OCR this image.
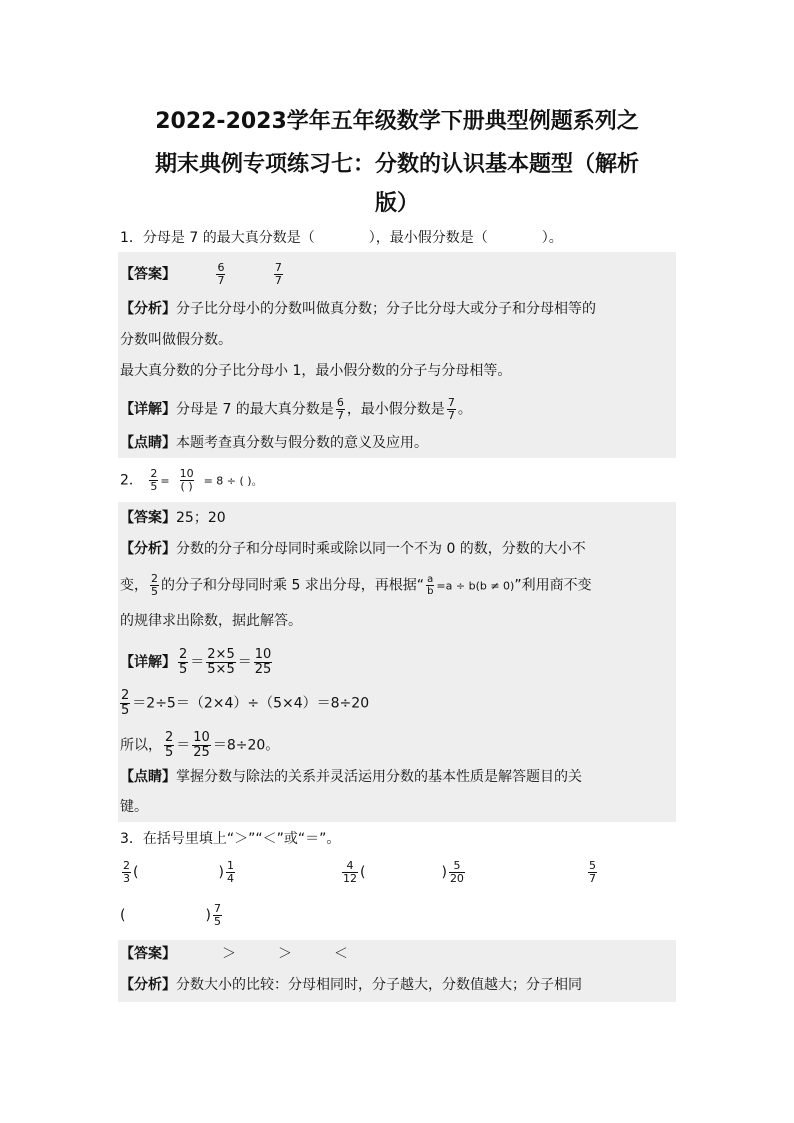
2022-2023学年五年级数学下册典型例题系列之
期末典例专项练习七：分数的认识基本题型（解析
版）
1．分母是 7 的最大真分数是（	），最小假分数是（	）。
【答案】	$\frac{6}{7}$
	$\frac{7}{7}$
【分析】分子比分母小的分数叫做真分数；分子比分母大或分子和分母相等的
分数叫做假分数。
最大真分数的分子比分母小 1，最小假分数的分子与分母相等。
【详解】分母是 7 的最大真分数是 $\frac{6}{7}$ ，最小假分数是 $\frac{7}{7}$ 。
【点睛】本题考查真分数与假分数的意义及应用。
2． $\frac{2}{5} = \frac{10}{( )} = 8$ ÷ ( )。
【答案】25；20
【分析】分数的分子和分母同时乘或除以同一个不为 0 的数，分数的大小不
变， $\frac{2}{5}$ 的分子和分母同时乘 5 求出分母，再根据“ $\frac{a}{b} =a \div b(b \ne 0)$”利用商不变
的规律求出除数，据此解答。
【详解】 $\frac{2}{5} = \frac{2\times 5}{5\times 5} = \frac{10}{25}$
$\frac{2}{5} =2\div 5=(2\times 4)\div(5\times 4)=8\div 20$
所以， $\frac{2}{5} = \frac{10}{25} =8\div 20$。
【点睛】掌握分数与除法的关系并灵活运用分数的基本性质是解答题目的关
键。
3．在括号里填上“＞”“＜”或“＝”。
$\frac{2}{3}$ (	) $\frac{1}{4}$	$\frac{4}{12}$ (	) $\frac{5}{20}$	$\frac{5}{7}$
(	) $\frac{7}{5}$
【答案】	＞	＞	＜
【分析】分数大小的比较：分母相同时，分子越大，分数值越大；分子相同
